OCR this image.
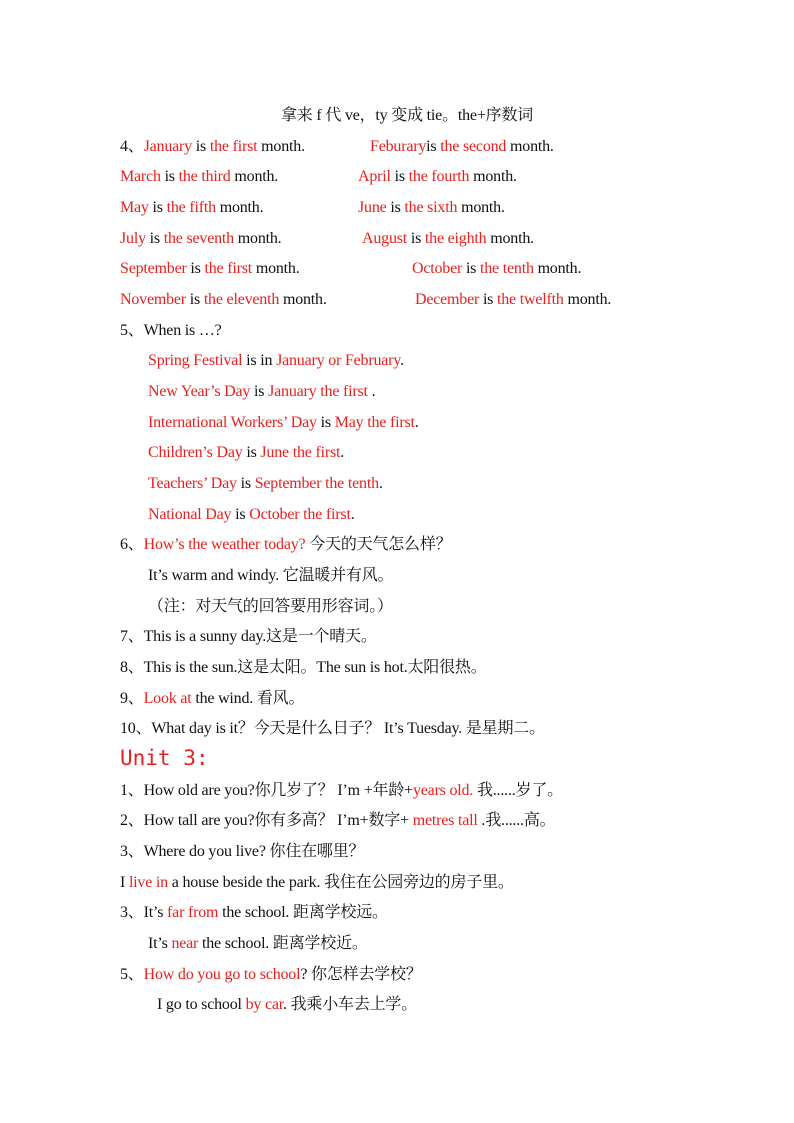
拿来 f 代 ve，ty 变成 tie。the+序数词
4、January is the first month.	Feburaryis the second month.
March is the third month.	April is the fourth month.
May is the fifth month.	June is the sixth month.
July is the seventh month.	August is the eighth month.
September is the first month.	October is the tenth month.
November is the eleventh month.	December is the twelfth month.
5、When is …?
Spring Festival is in January or February.
New Year’s Day is January the first .
International Workers’ Day is May the first.
Children’s Day is June the first.
Teachers’ Day is September the tenth.
National Day is October the first.
6、How’s the weather today? 今天的天气怎么样？
It’s warm and windy. 它温暖并有风。
（注：对天气的回答要用形容词。）
7、This is a sunny day.这是一个晴天。
8、This is the sun.这是太阳。The sun is hot.太阳很热。
9、Look at the wind. 看风。
10、What day is it？今天是什么日子？ It’s Tuesday. 是星期二。
Unit 3:
1、How old are you?你几岁了？ I’m +年龄+years old. 我......岁了。
2、How tall are you?你有多高？ I’m+数字+ metres tall .我......高。
3、Where do you live? 你住在哪里？
I live in a house beside the park. 我住在公园旁边的房子里。
3、It’s far from the school. 距离学校远。
It’s near the school. 距离学校近。
5、How do you go to school? 你怎样去学校？
I go to school by car. 我乘小车去上学。
